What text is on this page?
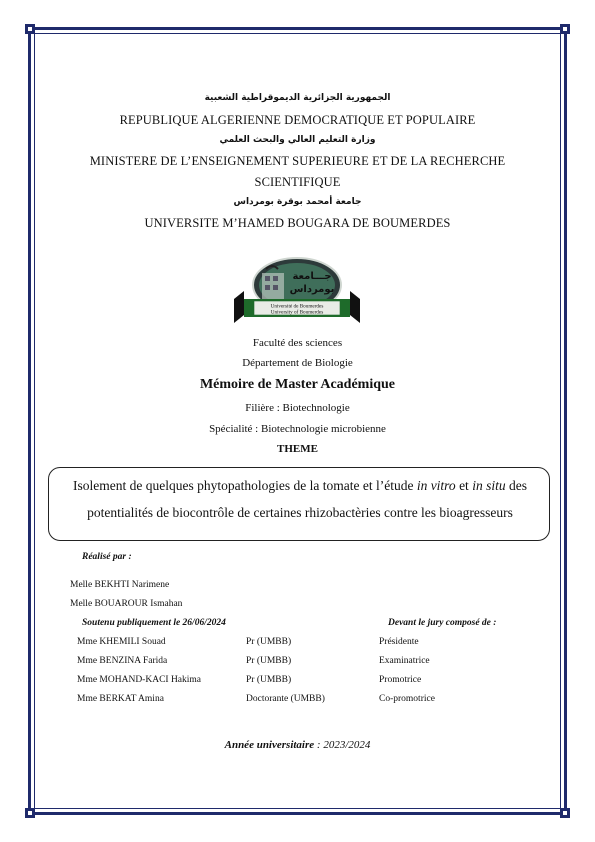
الجمهورية الجزائرية الديموقراطية الشعبية
REPUBLIQUE ALGERIENNE DEMOCRATIQUE ET POPULAIRE
وزارة التعليم العالي والبحث العلمي
MINISTERE DE L’ENSEIGNEMENT SUPERIEURE ET DE LA RECHERCHE
SCIENTIFIQUE
جامعة أمحمد بوقرة بومرداس
UNIVERSITE M’HAMED BOUGARA DE BOUMERDES
جـــامعة
بومرداس
Université de Boumerdes
University of Boumerdes
Faculté des sciences
Département de Biologie
Mémoire de Master Académique
Filière : Biotechnologie
Spécialité : Biotechnologie microbienne
THEME
Isolement de quelques phytopathologies de la tomate et l’étude in vitro et in situ des
potentialités de biocontrôle de certaines rhizobactèries contre les bioagresseurs
Réalisé par :
Melle BEKHTI Narimene
Melle BOUAROUR Ismahan
Soutenu publiquement le 26/06/2024	Devant le jury composé de :
Mme KHEMILI Souad	Pr (UMBB)	Présidente
Mme BENZINA Farida	Pr (UMBB)	Examinatrice
Mme MOHAND-KACI Hakima	Pr (UMBB)	Promotrice
Mme BERKAT Amina	Doctorante (UMBB)	Co-promotrice
Année universitaire : 2023/2024
